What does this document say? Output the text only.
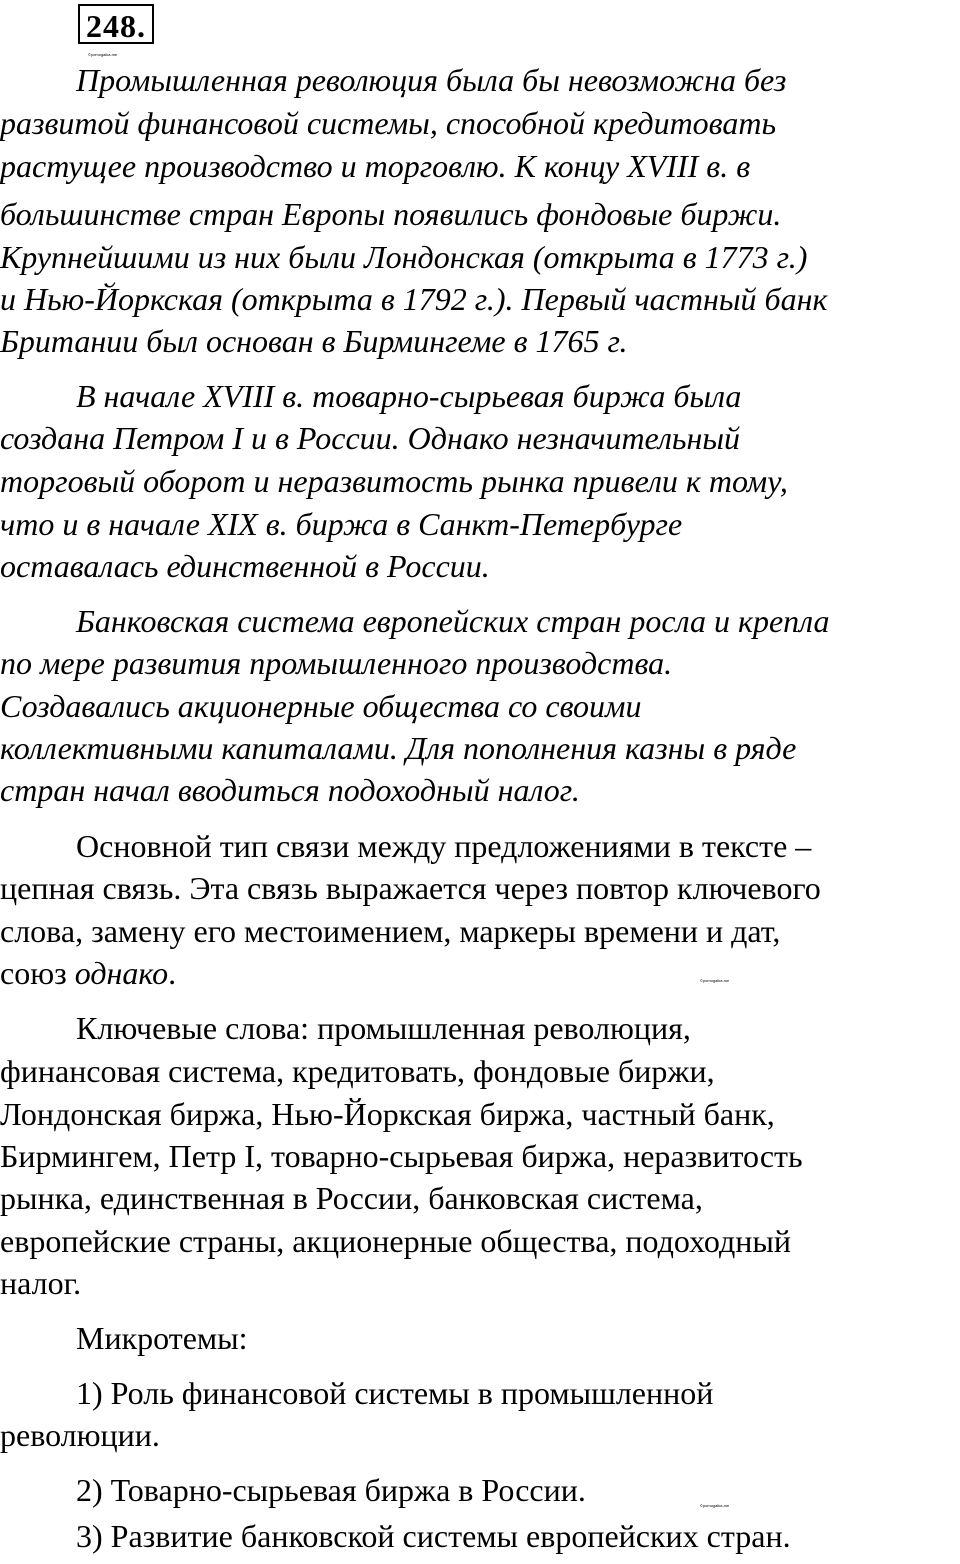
248.
©pomogalka.me
Промышленная революция была бы невозможна без
развитой финансовой системы, способной кредитовать
растущее производство и торговлю. К концу XVIII в. в
большинстве стран Европы появились фондовые биржи.
Крупнейшими из них были Лондонская (открыта в 1773 г.)
и Нью-Йоркская (открыта в 1792 г.). Первый частный банк
Британии был основан в Бирмингеме в 1765 г.
В начале XVIII в. товарно-сырьевая биржа была
создана Петром I и в России. Однако незначительный
торговый оборот и неразвитость рынка привели к тому,
что и в начале XIX в. биржа в Санкт-Петербурге
оставалась единственной в России.
Банковская система европейских стран росла и крепла
по мере развития промышленного производства.
Создавались акционерные общества со своими
коллективными капиталами. Для пополнения казны в ряде
стран начал вводиться подоходный налог.
Основной тип связи между предложениями в тексте –
цепная связь. Эта связь выражается через повтор ключевого
слова, замену его местоимением, маркеры времени и дат,
союз однако.	©pomogalka.me
Ключевые слова: промышленная революция,
финансовая система, кредитовать, фондовые биржи,
Лондонская биржа, Нью-Йоркская биржа, частный банк,
Бирмингем, Петр I, товарно-сырьевая биржа, неразвитость
рынка, единственная в России, банковская система,
европейские страны, акционерные общества, подоходный
налог.
Микротемы:
1) Роль финансовой системы в промышленной
революции.
2) Товарно-сырьевая биржа в России.	©pomogalka.me
3) Развитие банковской системы европейских стран.
